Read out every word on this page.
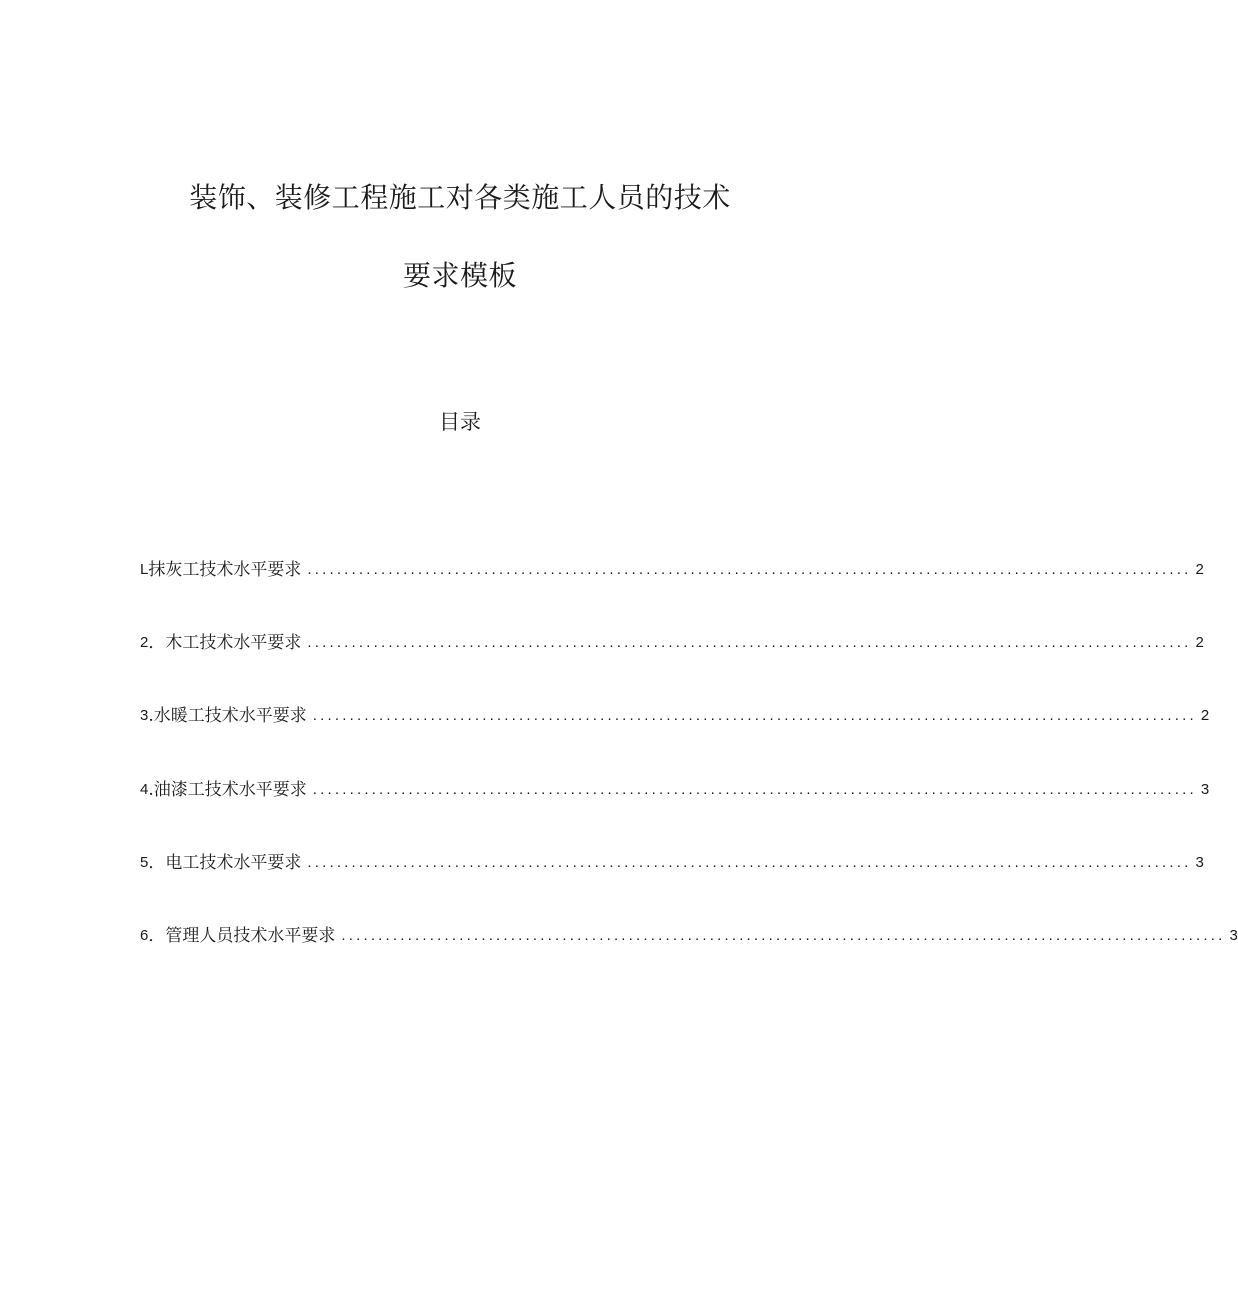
装饰、装修工程施工对各类施工人员的技术
要求模板
目录
L 抹灰工技术水平要求 ........................................................................................................................ 2
2 ．木工技术水平要求 ........................................................................................................................ 2
3 .水暖工技术水平要求 ........................................................................................................................ 2
4 .油漆工技术水平要求 ........................................................................................................................ 3
5 ．电工技术水平要求 ........................................................................................................................ 3
6 ．管理人员技术水平要求 ........................................................................................................................ 3
